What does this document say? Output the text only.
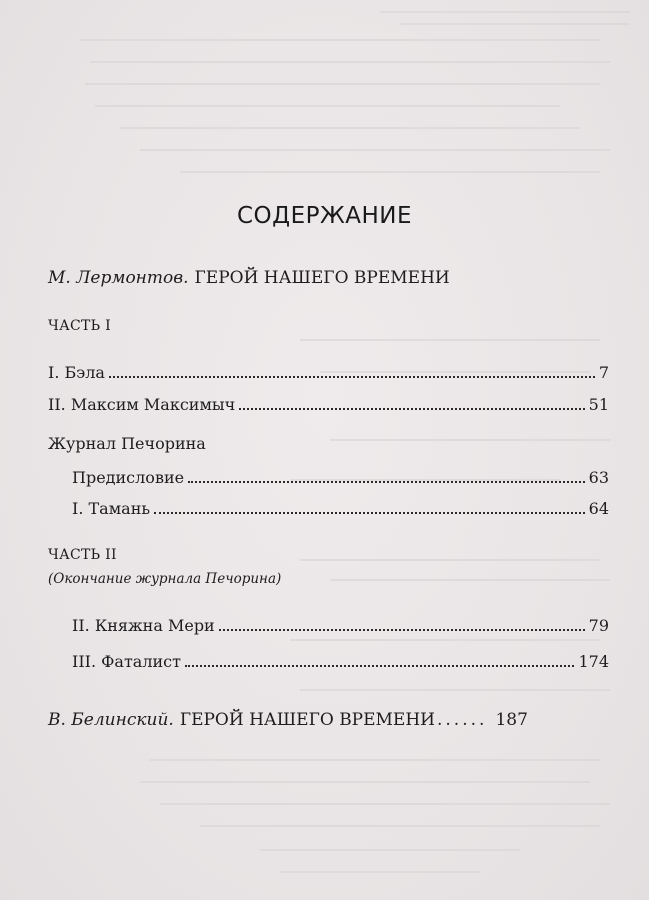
СОДЕРЖАНИЕ
М. Лермонтов. ГЕРОЙ НАШЕГО ВРЕМЕНИ
ЧАСТЬ I
I. Бэла	7
II. Максим Максимыч	51
Журнал Печорина
Предисловие	63
I. Тамань	64
ЧАСТЬ II
(Окончание журнала Печорина)
II. Княжна Мери	79
III. Фаталист	174
В. Белинский. ГЕРОЙ НАШЕГО ВРЕМЕНИ ...... 187
